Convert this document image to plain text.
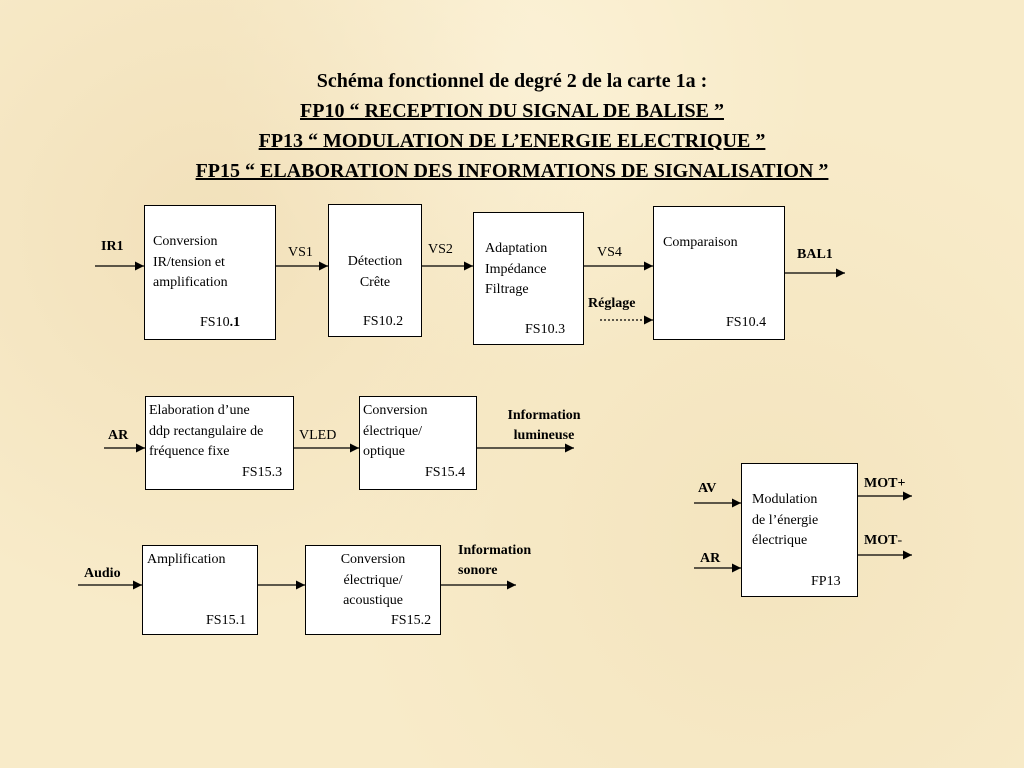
Schéma fonctionnel de degré 2 de la carte 1a :
FP10 “ RECEPTION DU SIGNAL DE BALISE ”
FP13 “ MODULATION DE L’ENERGIE ELECTRIQUE ”
FP15 “ ELABORATION DES INFORMATIONS DE SIGNALISATION ”
Conversion
IR/tension et
amplification
FS10.1
Détection
Crête
FS10.2
Adaptation
Impédance
Filtrage
FS10.3
Comparaison
FS10.4
IR1	VS1	VS2	VS4
Réglage
BAL1
Elaboration d’une
ddp rectangulaire de
fréquence fixe
FS15.3
Conversion
électrique/
optique
FS15.4
AR	VLED
Information
lumineuse
Amplification
FS15.1
Conversion
électrique/
acoustique
FS15.2
Audio
Information
sonore
Modulation
de l’énergie
électrique
FP13
AV
AR
MOT+
MOT-
